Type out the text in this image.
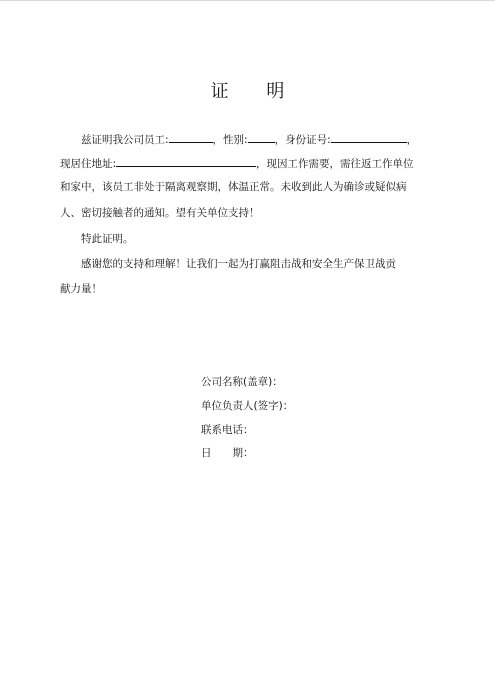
证 明
兹证明我公司员工:	，性别:	，身份证号:	，
现居住地址:	，现因工作需要，需往返工作单位
和家中，该员工非处于隔离观察期，体温正常。未收到此人为确诊或疑似病
人、密切接触者的通知。望有关单位支持！
特此证明。
感谢您的支持和理解！让我们一起为打赢阻击战和安全生产保卫战贡
献力量！
公司名称(盖章)：
单位负责人(签字)：
联系电话：
日　　期：
